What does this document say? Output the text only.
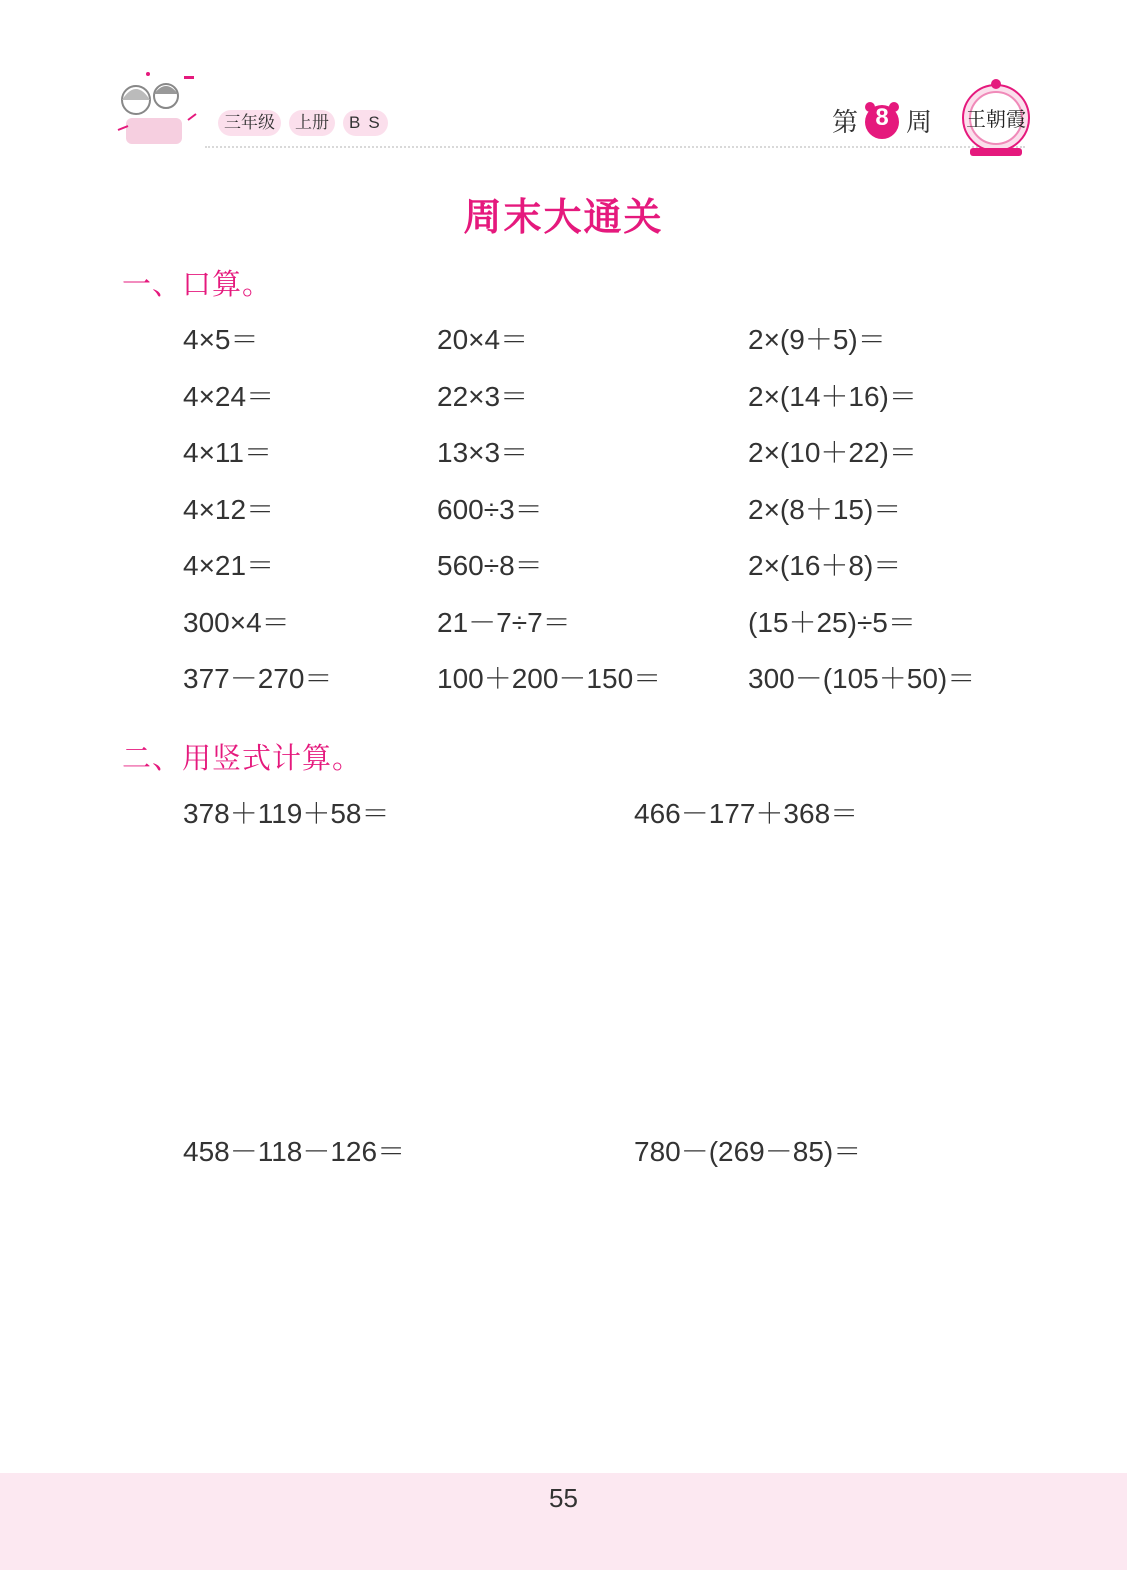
三年级	上册	BS	第 8 周 王朝霞
周末大通关
一、口算。
4×5＝	20×4＝	2×(9＋5)＝
4×24＝	22×3＝	2×(14＋16)＝
4×11＝	13×3＝	2×(10＋22)＝
4×12＝	600÷3＝	2×(8＋15)＝
4×21＝	560÷8＝	2×(16＋8)＝
300×4＝	21－7÷7＝	(15＋25)÷5＝
377－270＝	100＋200－150＝	300－(105＋50)＝
二、用竖式计算。
378＋119＋58＝	466－177＋368＝
458－118－126＝	780－(269－85)＝
55
